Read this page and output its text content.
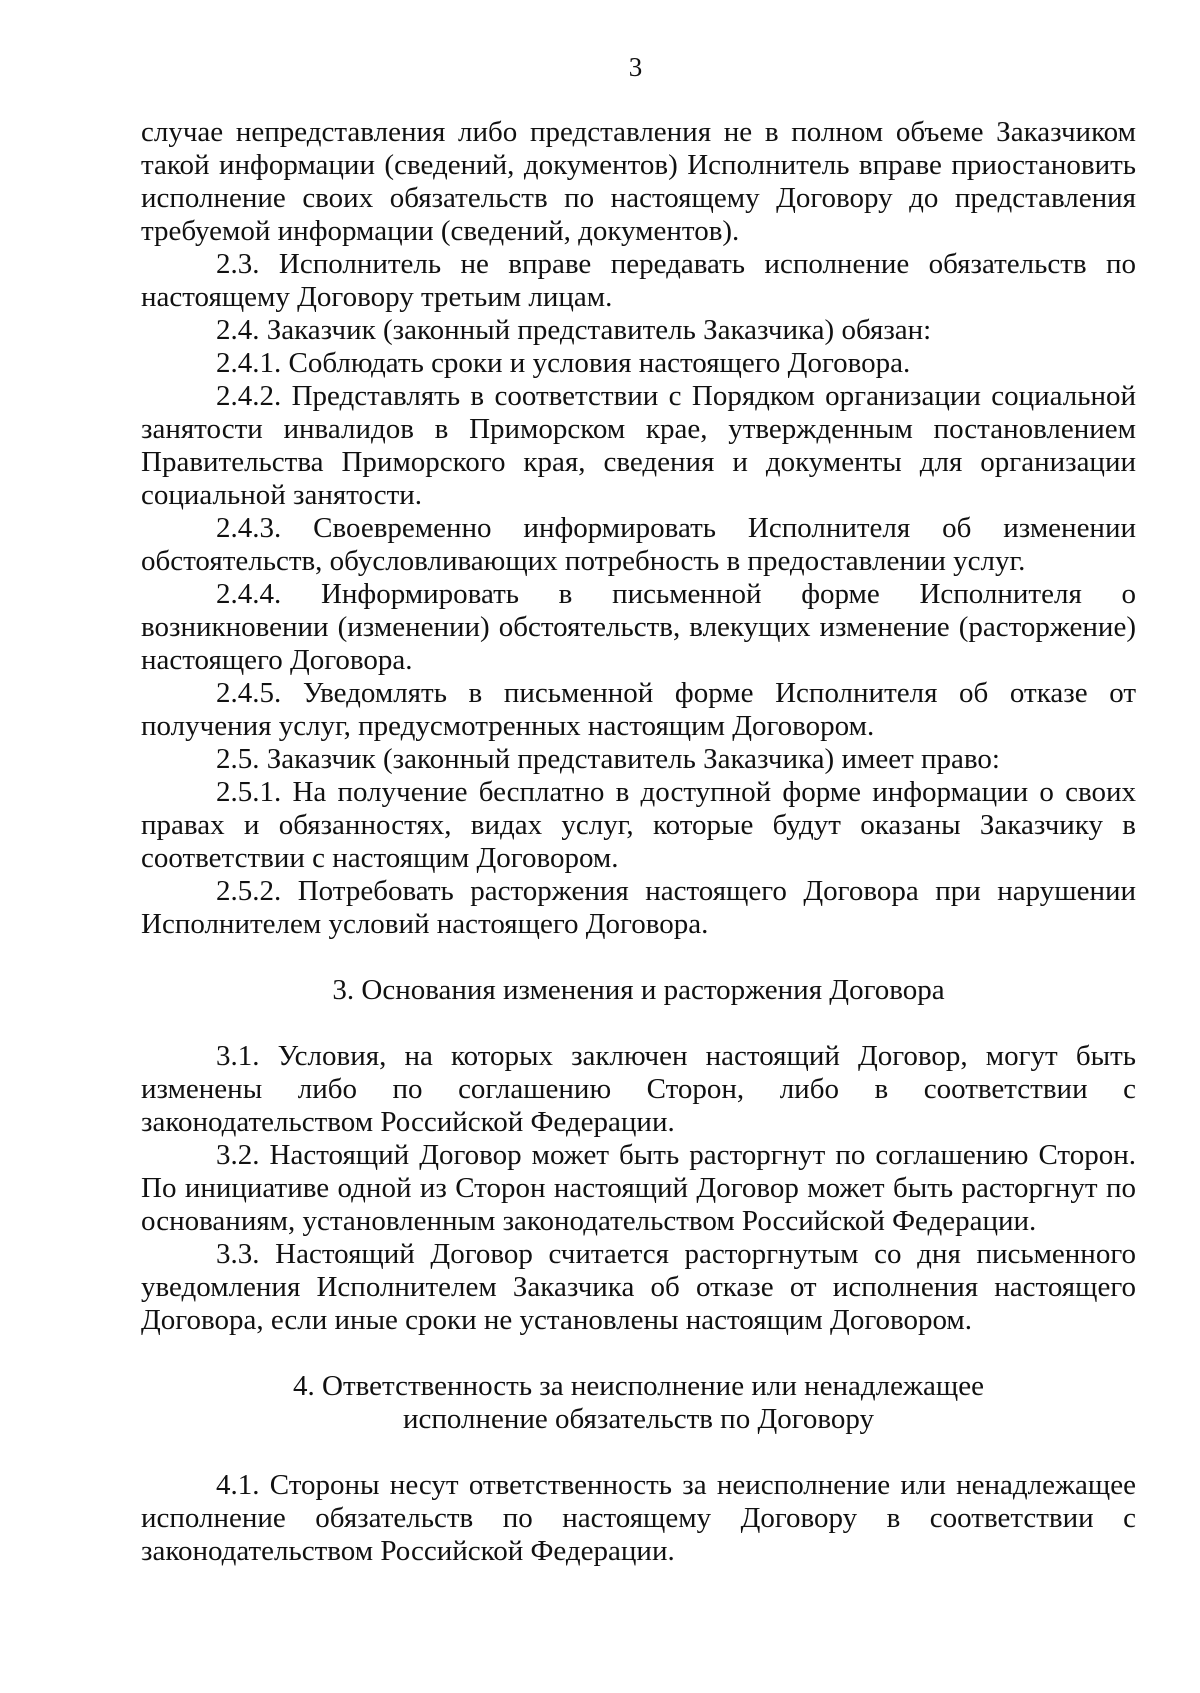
3

случае непредставления либо представления не в полном объеме Заказчиком такой информации (сведений, документов) Исполнитель вправе приостановить исполнение своих обязательств по настоящему Договору до представления требуемой информации (сведений, документов).

2.3. Исполнитель не вправе передавать исполнение обязательств по настоящему Договору третьим лицам.

2.4. Заказчик (законный представитель Заказчика) обязан:

2.4.1. Соблюдать сроки и условия настоящего Договора.

2.4.2. Представлять в соответствии с Порядком организации социальной занятости инвалидов в Приморском крае, утвержденным постановлением Правительства Приморского края, сведения и документы для организации социальной занятости.

2.4.3. Своевременно информировать Исполнителя об изменении обстоятельств, обусловливающих потребность в предоставлении услуг.

2.4.4. Информировать в письменной форме Исполнителя о возникновении (изменении) обстоятельств, влекущих изменение (расторжение) настоящего Договора.

2.4.5. Уведомлять в письменной форме Исполнителя об отказе от получения услуг, предусмотренных настоящим Договором.

2.5. Заказчик (законный представитель Заказчика) имеет право:

2.5.1. На получение бесплатно в доступной форме информации о своих правах и обязанностях, видах услуг, которые будут оказаны Заказчику в соответствии с настоящим Договором.

2.5.2. Потребовать расторжения настоящего Договора при нарушении Исполнителем условий настоящего Договора.

3. Основания изменения и расторжения Договора

3.1. Условия, на которых заключен настоящий Договор, могут быть изменены либо по соглашению Сторон, либо в соответствии с законодательством Российской Федерации.

3.2. Настоящий Договор может быть расторгнут по соглашению Сторон. По инициативе одной из Сторон настоящий Договор может быть расторгнут по основаниям, установленным законодательством Российской Федерации.

3.3. Настоящий Договор считается расторгнутым со дня письменного уведомления Исполнителем Заказчика об отказе от исполнения настоящего Договора, если иные сроки не установлены настоящим Договором.

4. Ответственность за неисполнение или ненадлежащее

исполнение обязательств по Договору

4.1. Стороны несут ответственность за неисполнение или ненадлежащее исполнение обязательств по настоящему Договору в соответствии с законодательством Российской Федерации.
